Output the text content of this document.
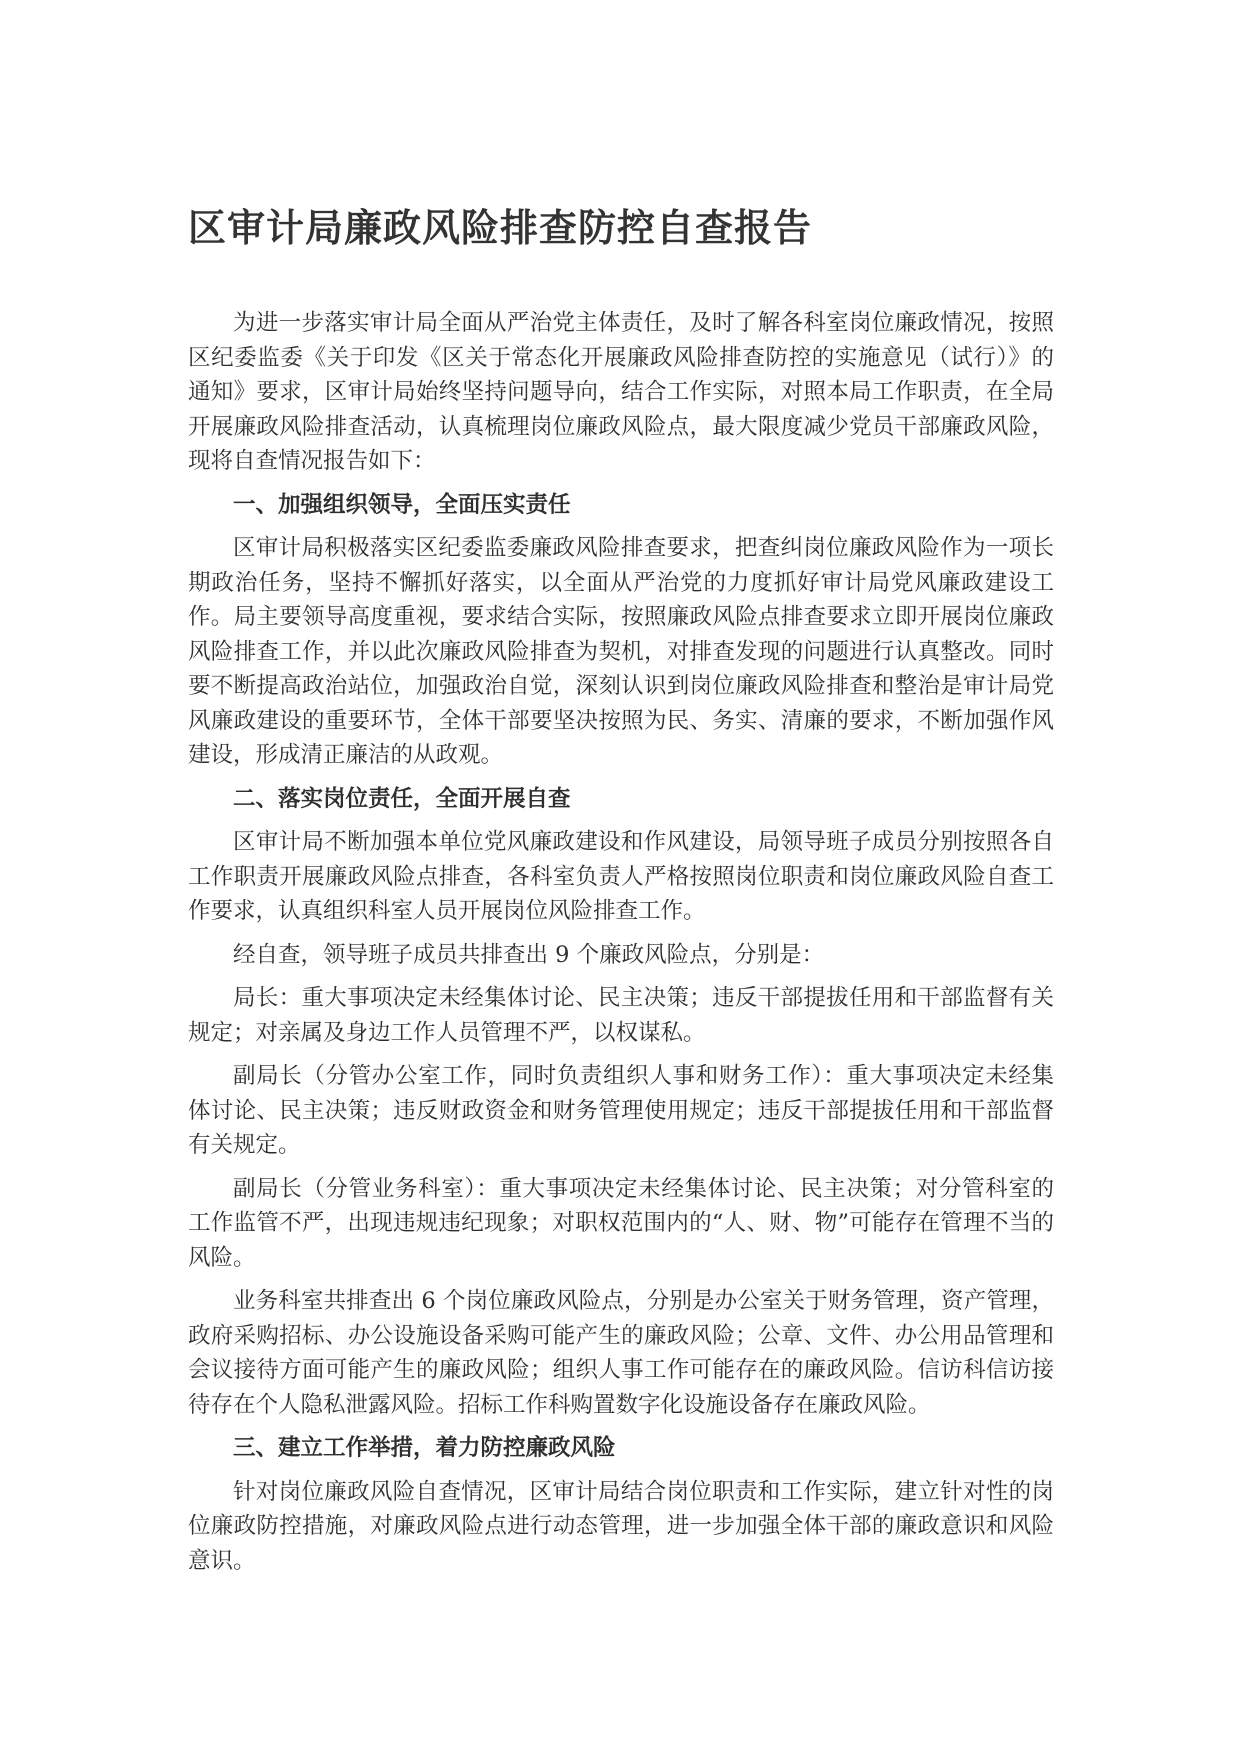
区审计局廉政风险排查防控自查报告

为进一步落实审计局全面从严治党主体责任，及时了解各科室岗位廉政情况，按照区纪委监委《关于印发《区关于常态化开展廉政风险排查防控的实施意见（试行）》的通知》要求，区审计局始终坚持问题导向，结合工作实际，对照本局工作职责，在全局开展廉政风险排查活动，认真梳理岗位廉政风险点，最大限度减少党员干部廉政风险，现将自查情况报告如下：

一、加强组织领导，全面压实责任

区审计局积极落实区纪委监委廉政风险排查要求，把查纠岗位廉政风险作为一项长期政治任务，坚持不懈抓好落实，以全面从严治党的力度抓好审计局党风廉政建设工作。局主要领导高度重视，要求结合实际，按照廉政风险点排查要求立即开展岗位廉政风险排查工作，并以此次廉政风险排查为契机，对排查发现的问题进行认真整改。同时要不断提高政治站位，加强政治自觉，深刻认识到岗位廉政风险排查和整治是审计局党风廉政建设的重要环节，全体干部要坚决按照为民、务实、清廉的要求，不断加强作风建设，形成清正廉洁的从政观。

二、落实岗位责任，全面开展自查

区审计局不断加强本单位党风廉政建设和作风建设，局领导班子成员分别按照各自工作职责开展廉政风险点排查，各科室负责人严格按照岗位职责和岗位廉政风险自查工作要求，认真组织科室人员开展岗位风险排查工作。

经自查，领导班子成员共排查出 9 个廉政风险点，分别是：

局长：重大事项决定未经集体讨论、民主决策；违反干部提拔任用和干部监督有关规定；对亲属及身边工作人员管理不严，以权谋私。

副局长（分管办公室工作，同时负责组织人事和财务工作）：重大事项决定未经集体讨论、民主决策；违反财政资金和财务管理使用规定；违反干部提拔任用和干部监督有关规定。

副局长（分管业务科室）：重大事项决定未经集体讨论、民主决策；对分管科室的工作监管不严，出现违规违纪现象；对职权范围内的“人、财、物”可能存在管理不当的风险。

业务科室共排查出 6 个岗位廉政风险点，分别是办公室关于财务管理，资产管理，政府采购招标、办公设施设备采购可能产生的廉政风险；公章、文件、办公用品管理和会议接待方面可能产生的廉政风险；组织人事工作可能存在的廉政风险。信访科信访接待存在个人隐私泄露风险。招标工作科购置数字化设施设备存在廉政风险。

三、建立工作举措，着力防控廉政风险

针对岗位廉政风险自查情况，区审计局结合岗位职责和工作实际，建立针对性的岗位廉政防控措施，对廉政风险点进行动态管理，进一步加强全体干部的廉政意识和风险意识。
